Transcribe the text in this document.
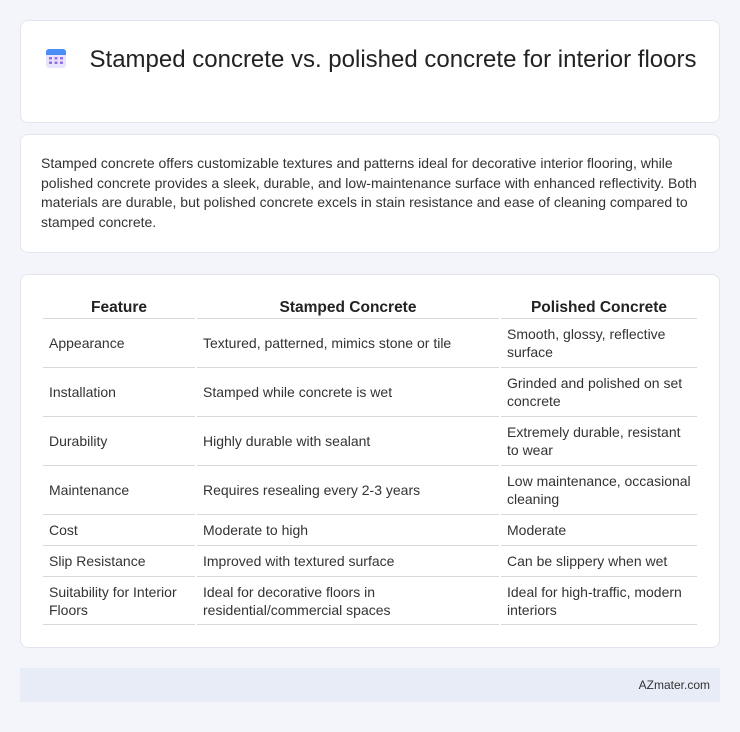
Stamped concrete vs. polished concrete for interior floors

Stamped concrete offers customizable textures and patterns ideal for decorative interior flooring, while polished concrete provides a sleek, durable, and low-maintenance surface with enhanced reflectivity. Both materials are durable, but polished concrete excels in stain resistance and ease of cleaning compared to stamped concrete.

Feature	Stamped Concrete	Polished Concrete
Appearance	Textured, patterned, mimics stone or tile	Smooth, glossy, reflective surface
Installation	Stamped while concrete is wet	Grinded and polished on set concrete
Durability	Highly durable with sealant	Extremely durable, resistant to wear
Maintenance	Requires resealing every 2-3 years	Low maintenance, occasional cleaning
Cost	Moderate to high	Moderate
Slip Resistance	Improved with textured surface	Can be slippery when wet
Suitability for Interior Floors	Ideal for decorative floors in residential/commercial spaces	Ideal for high-traffic, modern interiors
AZmater.com
